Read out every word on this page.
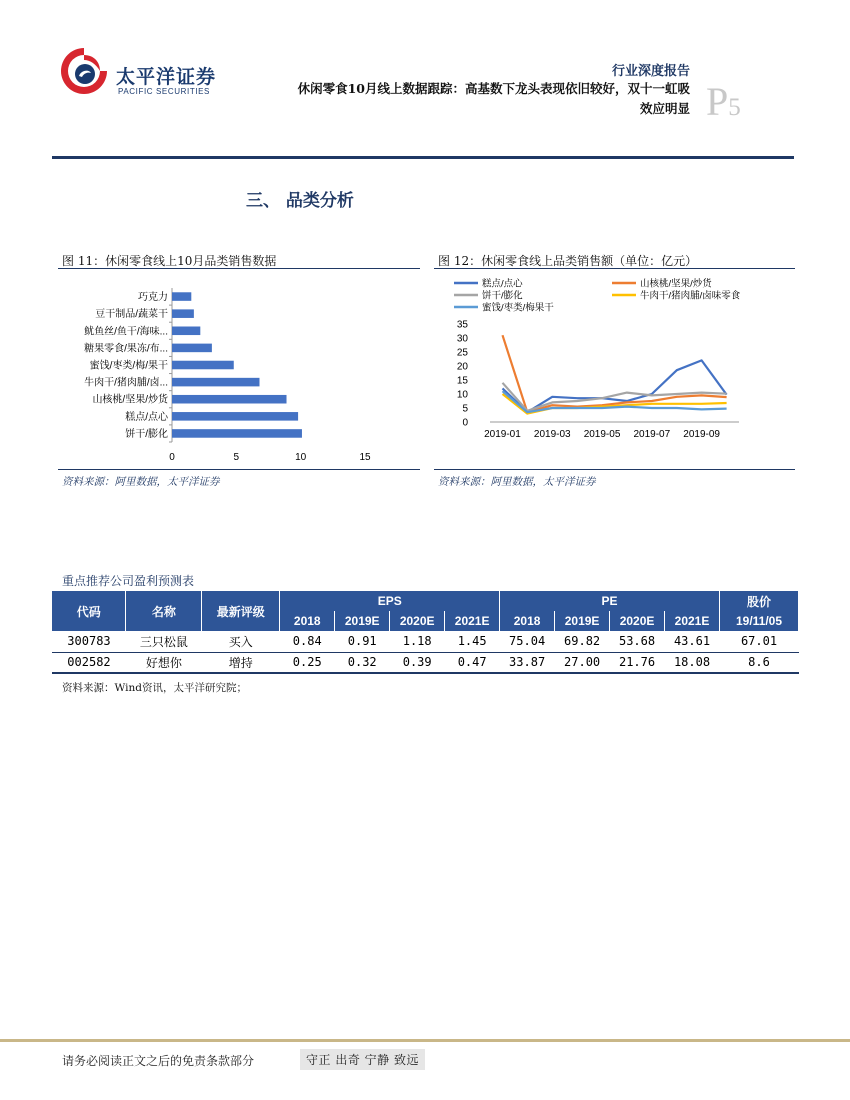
太平洋证券
PACIFIC SECURITIES
行业深度报告
休闲零食10月线上数据跟踪：高基数下龙头表现依旧较好，双十一虹吸
效应明显 P5
三、 品类分析
图 11：休闲零食线上10月品类销售数据
饼干/膨化
糕点/点心
山核桃/坚果/炒货
牛肉干/猪肉脯/卤...
蜜饯/枣类/梅/果干
糖果零食/果冻/布...
鱿鱼丝/鱼干/海味...
豆干制品/蔬菜干
巧克力
0	5	10	15
资料来源：阿里数据，太平洋证券
图 12：休闲零食线上品类销售额（单位：亿元）
糕点/点心	山核桃/坚果/炒货
饼干/膨化	牛肉干/猪肉脯/卤味零食
蜜饯/枣类/梅果干
0
5
10
15
20
25
30
35
2019-01 2019-03 2019-05 2019-07 2019-09
资料来源：阿里数据，太平洋证券
重点推荐公司盈利预测表
代码	名称	最新评级	EPS				PE				股价
			2018	2019E	2020E	2021E	2018	2019E	2020E	2021E	19/11/05
300783	三只松鼠	买入	0.84	0.91	1.18	1.45	75.04	69.82	53.68	43.61	67.01
002582	好想你	增持	0.25	0.32	0.39	0.47	33.87	27.00	21.76	18.08	8.6
资料来源：Wind资讯，太平洋研究院；
请务必阅读正文之后的免责条款部分	守正 出奇 宁静 致远
